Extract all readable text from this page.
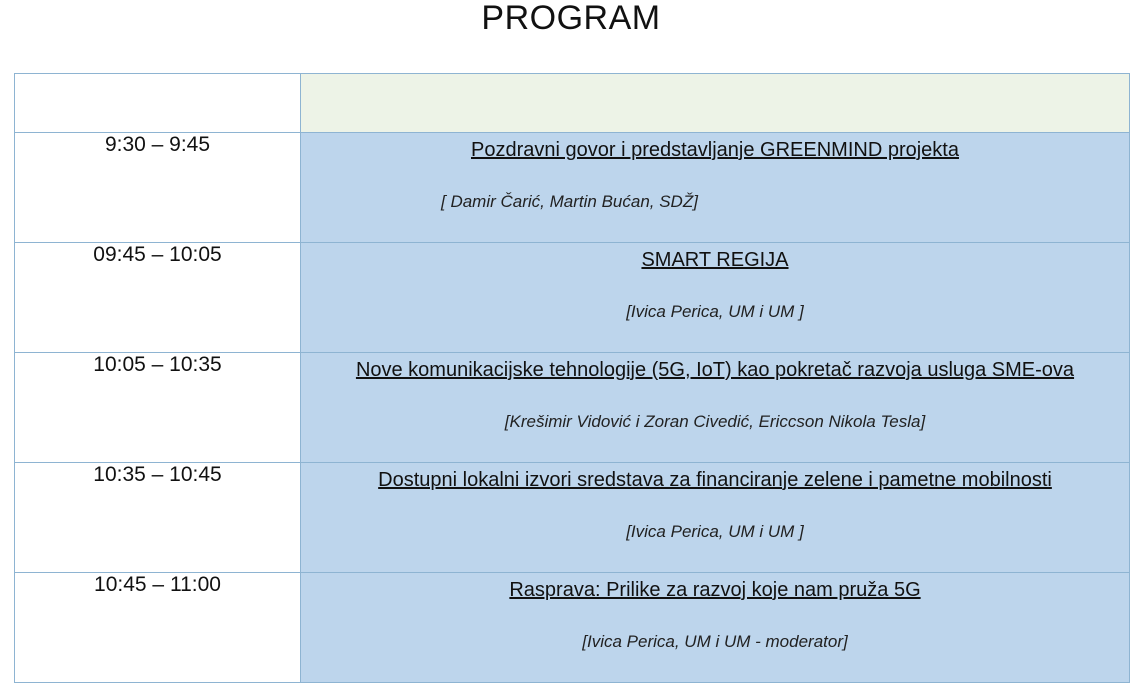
PROGRAM

9:30 – 9:45	Pozdravni govor i predstavljanje GREENMIND projekta
[ Damir Čarić, Martin Bućan, SDŽ]

09:45 – 10:05	SMART REGIJA
[Ivica Perica, UM i UM ]

10:05 – 10:35	Nove komunikacijske tehnologije (5G, IoT) kao pokretač razvoja usluga SME-ova
[Krešimir Vidović i Zoran Civedić, Ericcson Nikola Tesla]

10:35 – 10:45	Dostupni lokalni izvori sredstava za financiranje zelene i pametne mobilnosti
[Ivica Perica, UM i UM ]

10:45 – 11:00	Rasprava: Prilike za razvoj koje nam pruža 5G
[Ivica Perica, UM i UM - moderator]
